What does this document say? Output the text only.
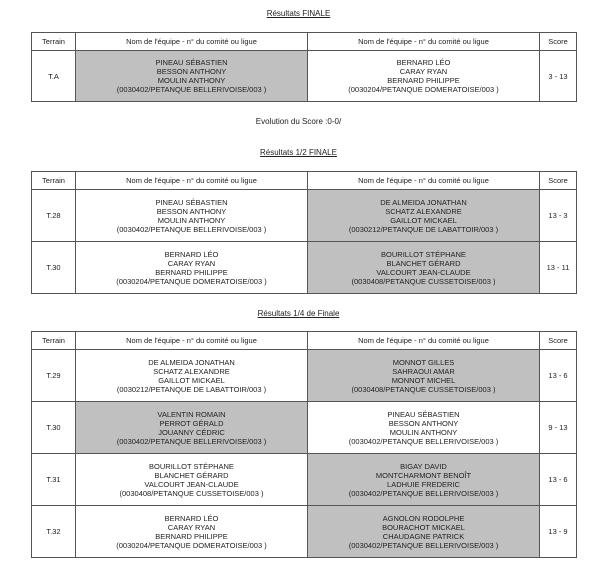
Résultats FINALE
Terrain	Nom de l'équipe - n° du comité ou ligue	Nom de l'équipe - n° du comité ou ligue	Score
T.A	PINEAU SÉBASTIEN
BESSON ANTHONY
MOULIN ANTHONY
(0030402/PETANQUE BELLERIVOISE/003 )	BERNARD LÉO
CARAY RYAN
BERNARD PHILIPPE
(0030204/PETANQUE DOMERATOISE/003 )	3 - 13
Evolution du Score :0-0/
Résultats 1/2 FINALE
Terrain	Nom de l'équipe - n° du comité ou ligue	Nom de l'équipe - n° du comité ou ligue	Score
T.28	PINEAU SÉBASTIEN
BESSON ANTHONY
MOULIN ANTHONY
(0030402/PETANQUE BELLERIVOISE/003 )	DE ALMEIDA JONATHAN
SCHATZ ALEXANDRE
GAILLOT MICKAEL
(0030212/PETANQUE DE LABATTOIR/003 )	13 - 3
T.30	BERNARD LÉO
CARAY RYAN
BERNARD PHILIPPE
(0030204/PETANQUE DOMERATOISE/003 )	BOURILLOT STÉPHANE
BLANCHET GÉRARD
VALCOURT JEAN-CLAUDE
(0030408/PETANQUE CUSSETOISE/003 )	13 - 11
Résultats 1/4 de Finale
Terrain	Nom de l'équipe - n° du comité ou ligue	Nom de l'équipe - n° du comité ou ligue	Score
T.29	DE ALMEIDA JONATHAN
SCHATZ ALEXANDRE
GAILLOT MICKAEL
(0030212/PETANQUE DE LABATTOIR/003 )	MONNOT GILLES
SAHRAOUI AMAR
MONNOT MICHEL
(0030408/PETANQUE CUSSETOISE/003 )	13 - 6
T.30	VALENTIN ROMAIN
PERROT GÉRALD
JOUANNY CÉDRIC
(0030402/PETANQUE BELLERIVOISE/003 )	PINEAU SÉBASTIEN
BESSON ANTHONY
MOULIN ANTHONY
(0030402/PETANQUE BELLERIVOISE/003 )	9 - 13
T.31	BOURILLOT STÉPHANE
BLANCHET GÉRARD
VALCOURT JEAN-CLAUDE
(0030408/PETANQUE CUSSETOISE/003 )	BIGAY DAVID
MONTCHARMONT BENOÎT
LADHUIE FREDERIC
(0030402/PETANQUE BELLERIVOISE/003 )	13 - 6
T.32	BERNARD LÉO
CARAY RYAN
BERNARD PHILIPPE
(0030204/PETANQUE DOMERATOISE/003 )	AGNOLON RODOLPHE
BOURACHOT MICKAEL
CHAUDAGNE PATRICK
(0030402/PETANQUE BELLERIVOISE/003 )	13 - 9
